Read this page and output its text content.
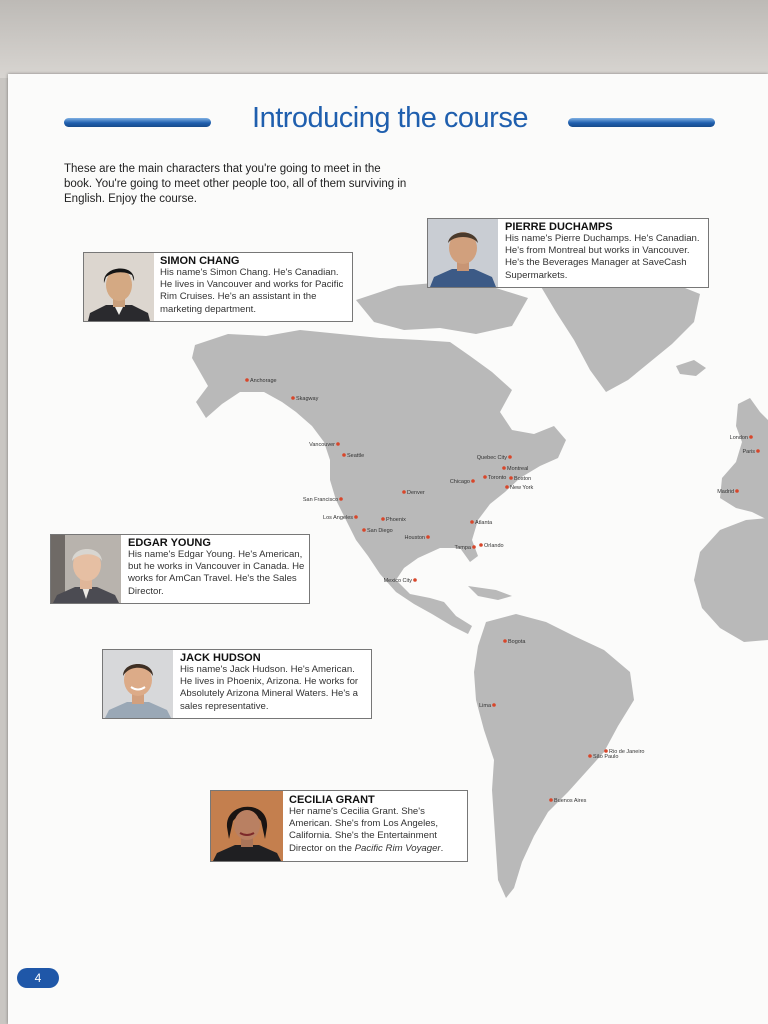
Anchorage
Skagway
Vancouver
Seattle
San Francisco
Los Angeles
San Diego
Phoenix
Denver
Houston
Chicago
Toronto
Quebec City
Montreal
Boston
New York
Atlanta
Tampa Orlando
Mexico City
Bogota
Lima
Rio de Janeiro
São Paulo
Buenos Aires
London
Paris
Madrid
Introducing the course

These are the main characters that you're going to meet in the book. You're going to meet other people too, all of them surviving in English. Enjoy the course.

SIMON CHANG

His name's Simon Chang. He's Canadian. He lives in Vancouver and works for Pacific Rim Cruises. He's an assistant in the marketing department.

PIERRE DUCHAMPS

His name's Pierre Duchamps. He's Canadian. He's from Montreal but works in Vancouver. He's the Beverages Manager at SaveCash Supermarkets.

EDGAR YOUNG

His name's Edgar Young. He's American, but he works in Vancouver in Canada. He works for AmCan Travel. He's the Sales Director.

JACK HUDSON

His name's Jack Hudson. He's American. He lives in Phoenix, Arizona. He works for Absolutely Arizona Mineral Waters. He's a sales representative.

CECILIA GRANT

Her name's Cecilia Grant. She's American. She's from Los Angeles, California. She's the Entertainment Director on the Pacific Rim Voyager.

4
